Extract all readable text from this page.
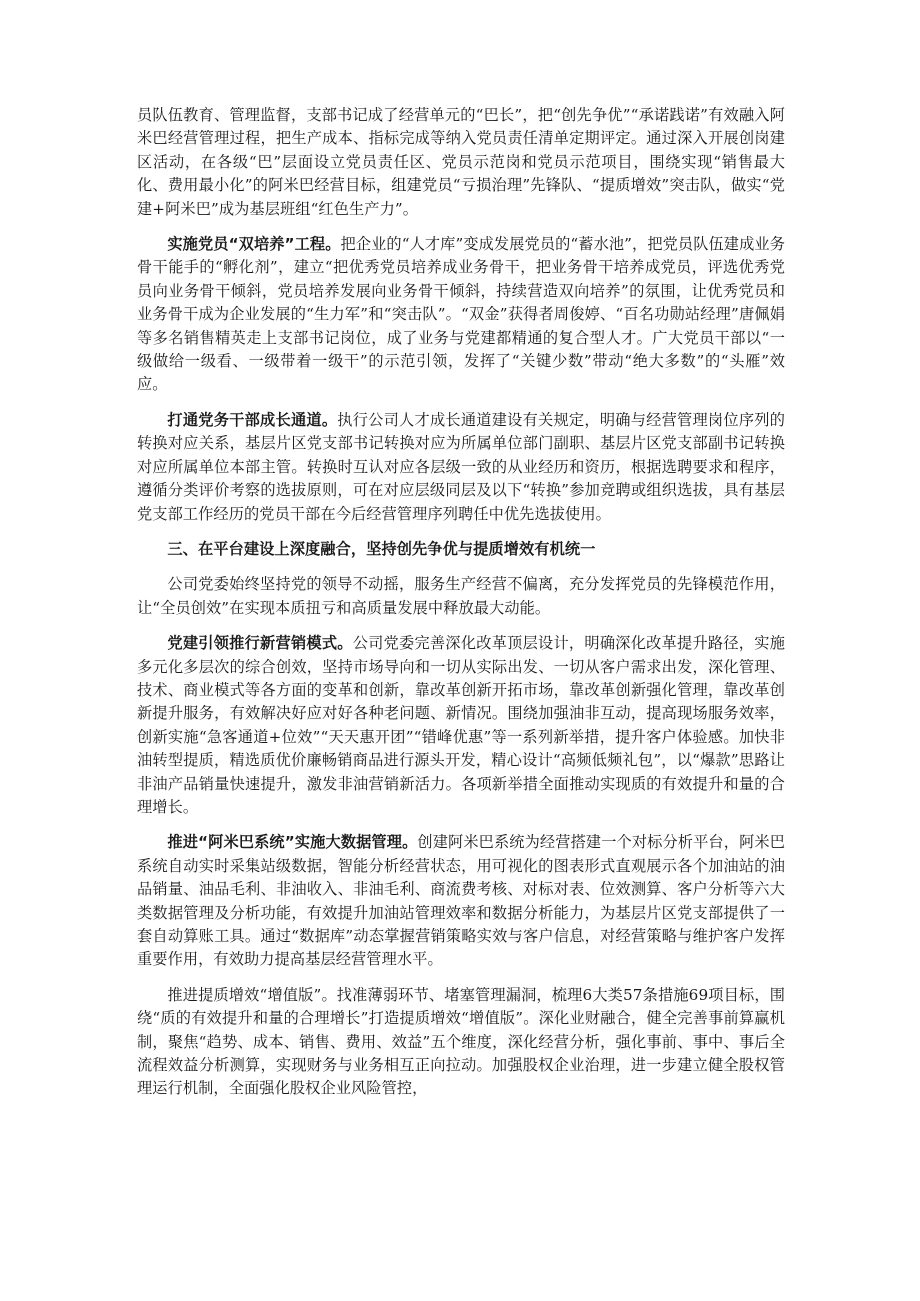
员队伍教育、管理监督，支部书记成了经营单元的“巴长”，把“创先争优”“承诺践诺”有效融入阿米巴经营管理过程，把生产成本、指标完成等纳入党员责任清单定期评定。通过深入开展创岗建区活动，在各级“巴”层面设立党员责任区、党员示范岗和党员示范项目，围绕实现“销售最大化、费用最小化”的阿米巴经营目标，组建党员“亏损治理”先锋队、“提质增效”突击队，做实“党建+阿米巴”成为基层班组“红色生产力”。

实施党员“双培养”工程。把企业的“人才库”变成发展党员的“蓄水池”，把党员队伍建成业务骨干能手的“孵化剂”，建立“把优秀党员培养成业务骨干，把业务骨干培养成党员，评选优秀党员向业务骨干倾斜，党员培养发展向业务骨干倾斜，持续营造双向培养”的氛围，让优秀党员和业务骨干成为企业发展的“生力军”和“突击队”。“双金”获得者周俊婷、“百名功勋站经理”唐佩娟等多名销售精英走上支部书记岗位，成了业务与党建都精通的复合型人才。广大党员干部以“一级做给一级看、一级带着一级干”的示范引领，发挥了“关键少数”带动“绝大多数”的“头雁”效应。

打通党务干部成长通道。执行公司人才成长通道建设有关规定，明确与经营管理岗位序列的转换对应关系，基层片区党支部书记转换对应为所属单位部门副职、基层片区党支部副书记转换对应所属单位本部主管。转换时互认对应各层级一致的从业经历和资历，根据选聘要求和程序，遵循分类评价考察的选拔原则，可在对应层级同层及以下“转换”参加竞聘或组织选拔，具有基层党支部工作经历的党员干部在今后经营管理序列聘任中优先选拔使用。

三、在平台建设上深度融合，坚持创先争优与提质增效有机统一

公司党委始终坚持党的领导不动摇，服务生产经营不偏离，充分发挥党员的先锋模范作用，让“全员创效”在实现本质扭亏和高质量发展中释放最大动能。

党建引领推行新营销模式。公司党委完善深化改革顶层设计，明确深化改革提升路径，实施多元化多层次的综合创效，坚持市场导向和一切从实际出发、一切从客户需求出发，深化管理、技术、商业模式等各方面的变革和创新，靠改革创新开拓市场，靠改革创新强化管理，靠改革创新提升服务，有效解决好应对好各种老问题、新情况。围绕加强油非互动，提高现场服务效率，创新实施“急客通道+位效”“天天惠开团”“错峰优惠”等一系列新举措，提升客户体验感。加快非油转型提质，精选质优价廉畅销商品进行源头开发，精心设计“高频低频礼包”，以“爆款”思路让非油产品销量快速提升，激发非油营销新活力。各项新举措全面推动实现质的有效提升和量的合理增长。

推进“阿米巴系统”实施大数据管理。创建阿米巴系统为经营搭建一个对标分析平台，阿米巴系统自动实时采集站级数据，智能分析经营状态，用可视化的图表形式直观展示各个加油站的油品销量、油品毛利、非油收入、非油毛利、商流费考核、对标对表、位效测算、客户分析等六大类数据管理及分析功能，有效提升加油站管理效率和数据分析能力，为基层片区党支部提供了一套自动算账工具。通过“数据库”动态掌握营销策略实效与客户信息，对经营策略与维护客户发挥重要作用，有效助力提高基层经营管理水平。

推进提质增效“增值版”。找准薄弱环节、堵塞管理漏洞，梳理6大类57条措施69项目标，围绕“质的有效提升和量的合理增长”打造提质增效“增值版”。深化业财融合，健全完善事前算赢机制，聚焦“趋势、成本、销售、费用、效益”五个维度，深化经营分析，强化事前、事中、事后全流程效益分析测算，实现财务与业务相互正向拉动。加强股权企业治理，进一步建立健全股权管理运行机制，全面强化股权企业风险管控，
